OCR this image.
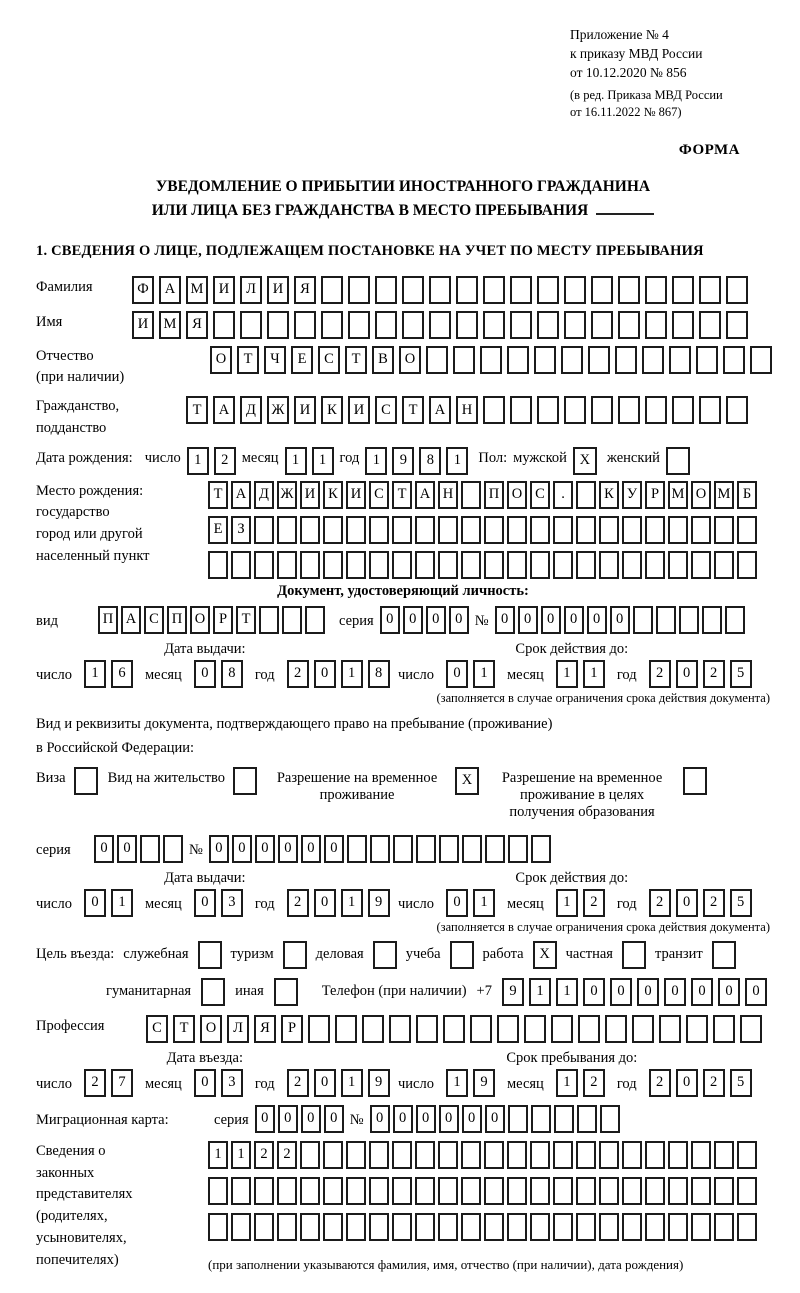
Приложение № 4
к приказу МВД России
от 10.12.2020 № 856
(в ред. Приказа МВД России
от 16.11.2022 № 867)
ФОРМА
УВЕДОМЛЕНИЕ О ПРИБЫТИИ ИНОСТРАННОГО ГРАЖДАНИНА
ИЛИ ЛИЦА БЕЗ ГРАЖДАНСТВА В МЕСТО ПРЕБЫВАНИЯ
1. СВЕДЕНИЯ О ЛИЦЕ, ПОДЛЕЖАЩЕМ ПОСТАНОВКЕ НА УЧЕТ ПО МЕСТУ ПРЕБЫВАНИЯ
Фамилия	Ф	А	М	И	Л	И	Я
Имя	И	М	Я
Отчество
(при наличии)
О	Т	Ч	Е	С	Т	В	О
Гражданство,
подданство
Т	А	Д	Ж	И	К	И	С	Т	А	Н
Дата рождения: число 1	2 месяц 1	1 год 1	9	8	1	Пол: мужской X	женский
Место рождения:
государство
город или другой
населенный пункт
Т А Д Ж И К И С Т А Н	П О С	.	К У Р М О М Б
Е	З
Документ, удостоверяющий личность:
вид	П А С П О Р	Т	серия 0	0	0	0 № 0	0	0	0	0	0
Дата выдачи:	Срок действия до:
число	1	6	месяц	0	8	год	2	0	1	8	число	0	1	месяц	1	1	год	2	0	2	5
(заполняется в случае ограничения срока действия документа)
Вид и реквизиты документа, подтверждающего право на пребывание (проживание)
в Российской Федерации:
Виза	Вид на жительство	Разрешение на временное проживание
X	Разрешение на временное проживание в целях получения образования
серия	0	0	№ 0	0	0	0	0	0
Дата выдачи:	Срок действия до:
число	0	1	месяц	0	3	год	2	0	1	9	число	0	1	месяц	1	2	год	2	0	2	5
(заполняется в случае ограничения срока действия документа)
Цель въезда: служебная	туризм	деловая	учеба	работа	X	частная	транзит
гуманитарная	иная	Телефон (при наличии) +7	9	1	1	0	0	0	0	0	0	0
Профессия	С	Т	О	Л	Я	Р
Дата въезда:	Срок пребывания до:
число	2	7	месяц	0	3	год	2	0	1	9	число	1	9	месяц	1	2	год	2	0	2	5
Миграционная карта:	серия 0	0	0	0 № 0	0	0	0	0	0
Сведения о
законных
представителях
(родителях,
усыновителях,
попечителях)
1	1	2	2
(при заполнении указываются фамилия, имя, отчество (при наличии), дата рождения)
